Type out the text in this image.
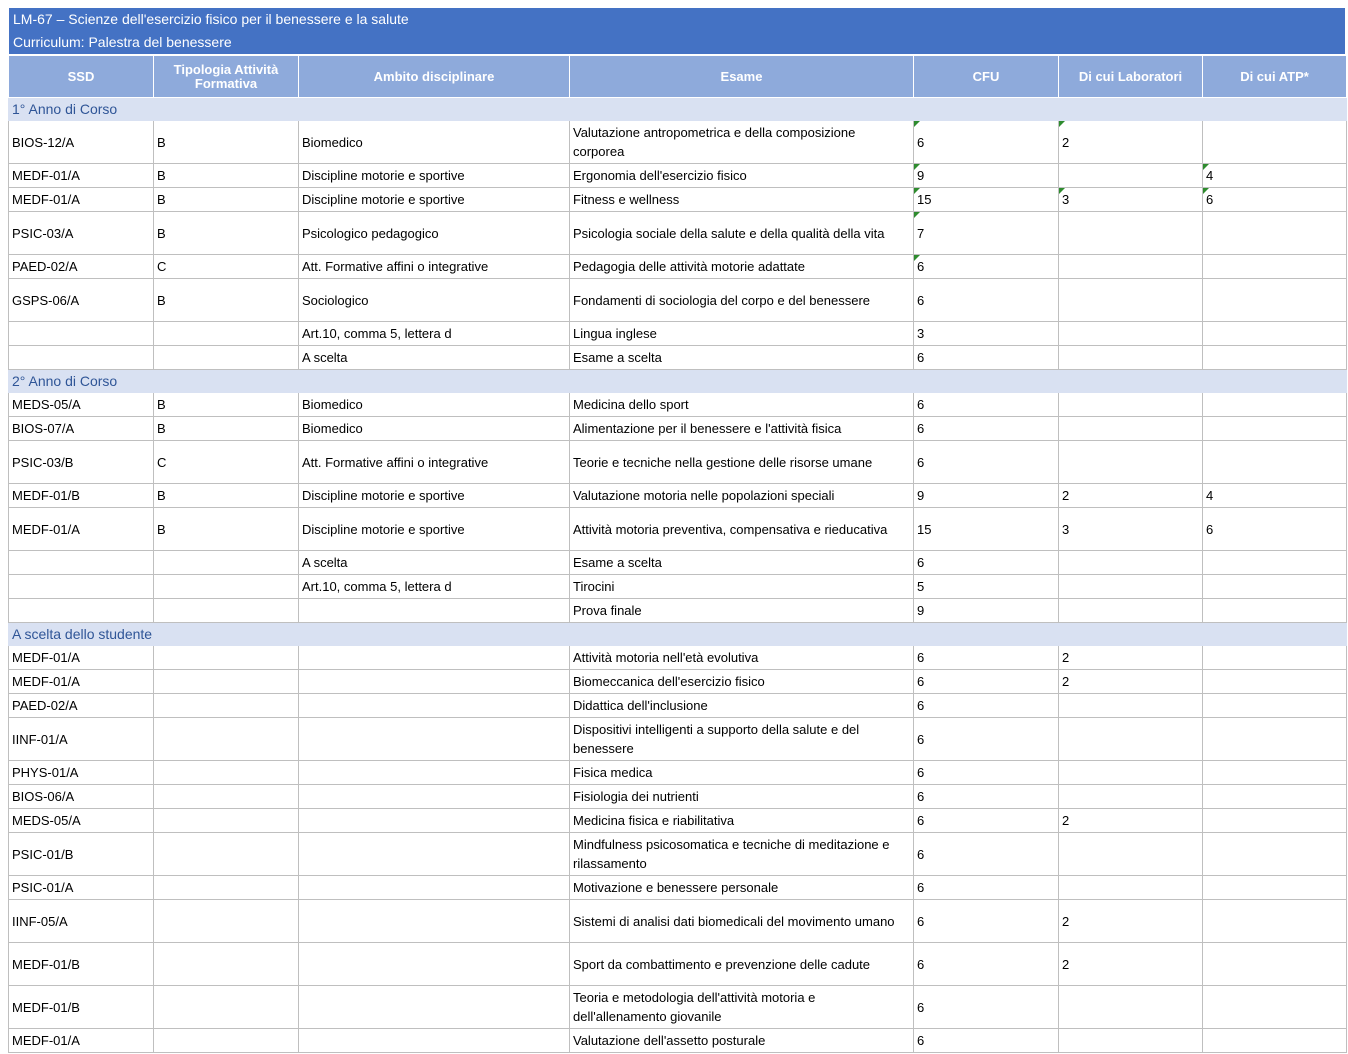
LM-67 – Scienze dell'esercizio fisico per il benessere e la salute
Curriculum: Palestra del benessere
SSD	Tipologia Attività Formativa	Ambito disciplinare	Esame	CFU	Di cui Laboratori	Di cui ATP*
1° Anno di Corso						
BIOS-12/A	B	Biomedico	Valutazione antropometrica e della composizione corporea	6	2	
MEDF-01/A	B	Discipline motorie e sportive	Ergonomia dell'esercizio fisico	9		4
MEDF-01/A	B	Discipline motorie e sportive	Fitness e wellness	15	3	6
PSIC-03/A	B	Psicologico pedagogico	Psicologia sociale della salute e della qualità della vita	7		
PAED-02/A	C	Att. Formative affini o integrative	Pedagogia delle attività motorie adattate	6		
GSPS-06/A	B	Sociologico	Fondamenti di sociologia del corpo e del benessere	6		
		Art.10, comma 5, lettera d	Lingua inglese	3		
		A scelta	Esame a scelta	6		
2° Anno di Corso						
MEDS-05/A	B	Biomedico	Medicina dello sport	6		
BIOS-07/A	B	Biomedico	Alimentazione per il benessere e l'attività fisica	6		
PSIC-03/B	C	Att. Formative affini o integrative	Teorie e tecniche nella gestione delle risorse umane	6		
MEDF-01/B	B	Discipline motorie e sportive	Valutazione motoria nelle popolazioni speciali	9	2	4
MEDF-01/A	B	Discipline motorie e sportive	Attività motoria preventiva, compensativa e rieducativa	15	3	6
		A scelta	Esame a scelta	6		
		Art.10, comma 5, lettera d	Tirocini	5		
			Prova finale	9		
A scelta dello studente						
MEDF-01/A			Attività motoria nell'età evolutiva	6	2	
MEDF-01/A			Biomeccanica dell'esercizio fisico	6	2	
PAED-02/A			Didattica dell'inclusione	6		
IINF-01/A			Dispositivi intelligenti a supporto della salute e del benessere	6		
PHYS-01/A			Fisica medica	6		
BIOS-06/A			Fisiologia dei nutrienti	6		
MEDS-05/A			Medicina fisica e riabilitativa	6	2	
PSIC-01/B			Mindfulness psicosomatica e tecniche di meditazione e rilassamento	6		
PSIC-01/A			Motivazione e benessere personale	6		
IINF-05/A			Sistemi di analisi dati biomedicali del movimento umano	6	2	
MEDF-01/B			Sport da combattimento e prevenzione delle cadute	6	2	
MEDF-01/B			Teoria e metodologia dell'attività motoria e dell'allenamento giovanile	6		
MEDF-01/A			Valutazione dell'assetto posturale	6		
